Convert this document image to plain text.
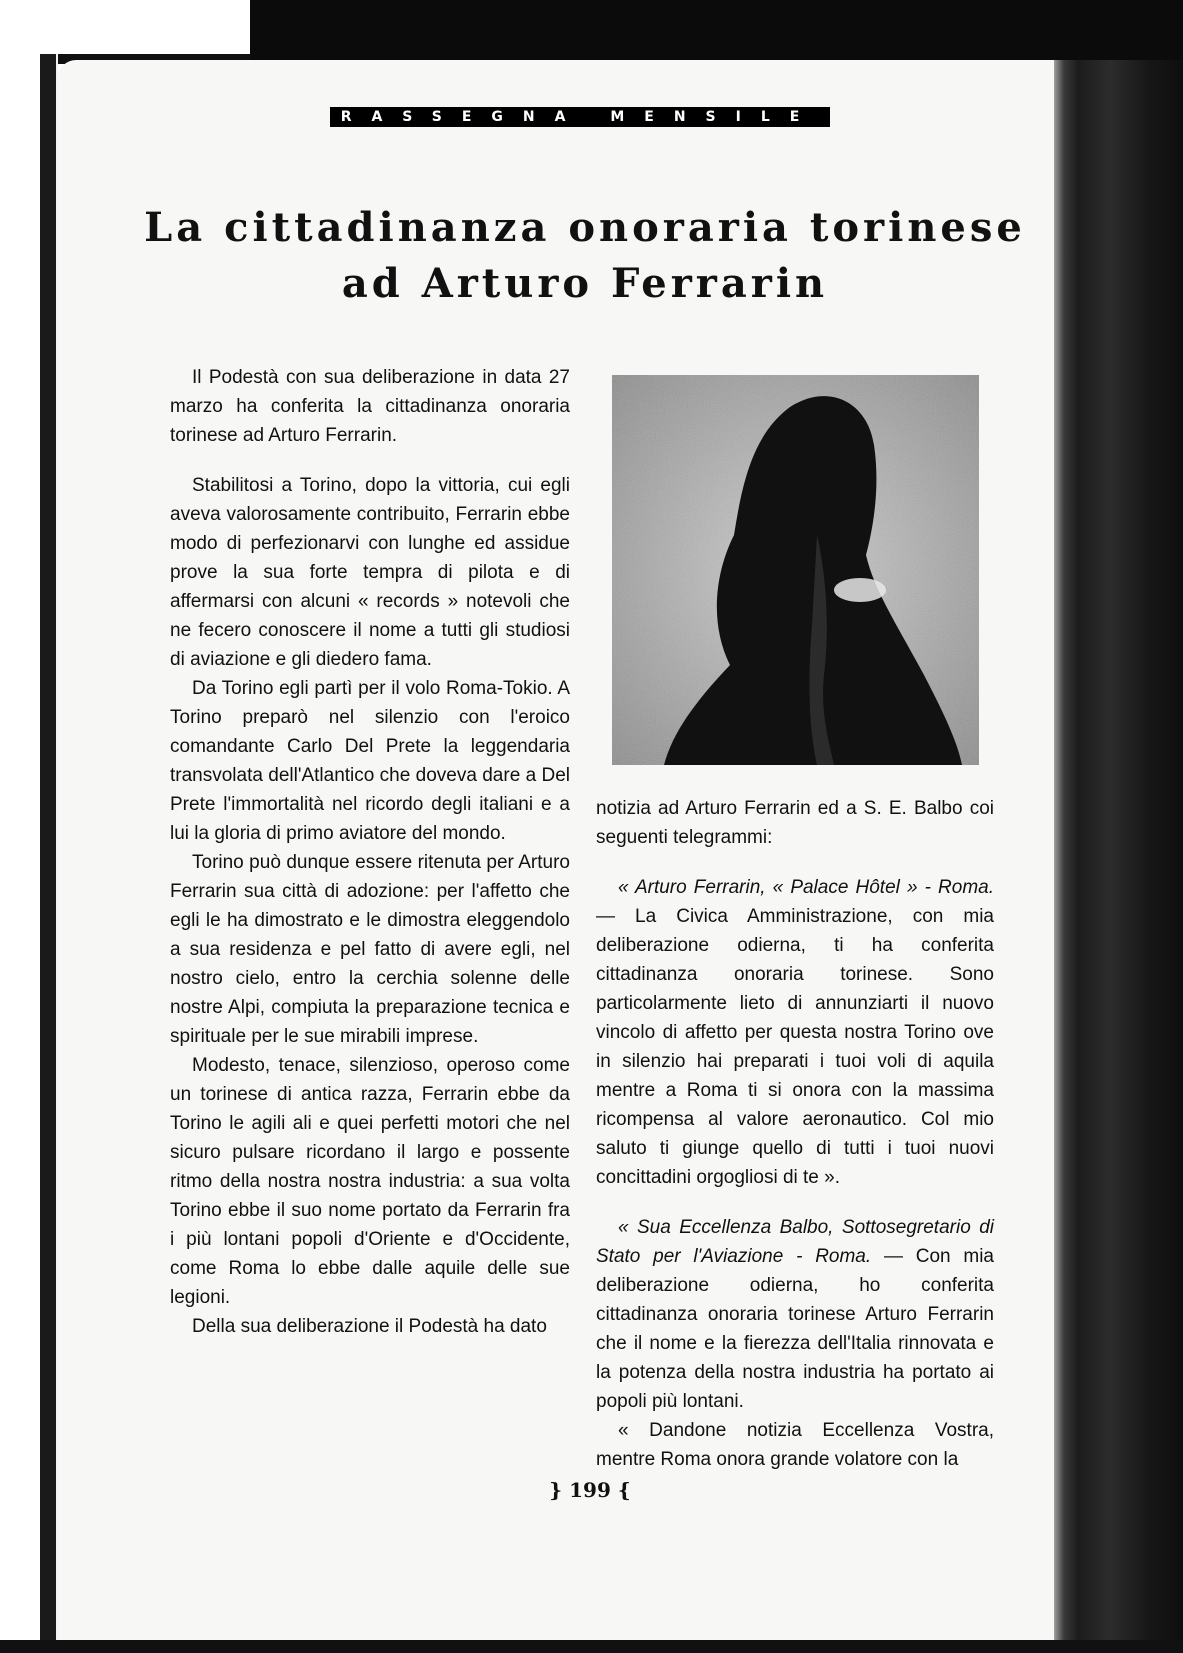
RASSEGNA MENSILE
La cittadinanza onoraria torinese
ad Arturo Ferrarin

Il Podestà con sua deliberazione in data 27 marzo ha conferita la cittadinanza onoraria torinese ad Arturo Ferrarin.

Stabilitosi a Torino, dopo la vittoria, cui egli aveva valorosamente contribuito, Ferrarin ebbe modo di perfezionarvi con lunghe ed assidue prove la sua forte tempra di pilota e di affermarsi con alcuni « records » notevoli che ne fecero conoscere il nome a tutti gli studiosi di aviazione e gli diedero fama.

Da Torino egli partì per il volo Roma-Tokio. A Torino preparò nel silenzio con l'eroico comandante Carlo Del Prete la leggendaria transvolata dell'Atlantico che doveva dare a Del Prete l'immortalità nel ricordo degli italiani e a lui la gloria di primo aviatore del mondo.

Torino può dunque essere ritenuta per Arturo Ferrarin sua città di adozione: per l'affetto che egli le ha dimostrato e le dimostra eleggendolo a sua residenza e pel fatto di avere egli, nel nostro cielo, entro la cerchia solenne delle nostre Alpi, compiuta la preparazione tecnica e spirituale per le sue mirabili imprese.

Modesto, tenace, silenzioso, operoso come un torinese di antica razza, Ferrarin ebbe da Torino le agili ali e quei perfetti motori che nel sicuro pulsare ricordano il largo e possente ritmo della nostra nostra industria: a sua volta Torino ebbe il suo nome portato da Ferrarin fra i più lontani popoli d'Oriente e d'Occidente, come Roma lo ebbe dalle aquile delle sue legioni.

Della sua deliberazione il Podestà ha dato

notizia ad Arturo Ferrarin ed a S. E. Balbo coi seguenti telegrammi:

« Arturo Ferrarin, « Palace Hôtel » - Roma. — La Civica Amministrazione, con mia deliberazione odierna, ti ha conferita cittadinanza onoraria torinese. Sono particolarmente lieto di annunziarti il nuovo vincolo di affetto per questa nostra Torino ove in silenzio hai preparati i tuoi voli di aquila mentre a Roma ti si onora con la massima ricompensa al valore aeronautico. Col mio saluto ti giunge quello di tutti i tuoi nuovi concittadini orgogliosi di te ».

« Sua Eccellenza Balbo, Sottosegretario di Stato per l'Aviazione - Roma. — Con mia deliberazione odierna, ho conferita cittadinanza onoraria torinese Arturo Ferrarin che il nome e la fierezza dell'Italia rinnovata e la potenza della nostra industria ha portato ai popoli più lontani.

« Dandone notizia Eccellenza Vostra, mentre Roma onora grande volatore con la

} 199 {
